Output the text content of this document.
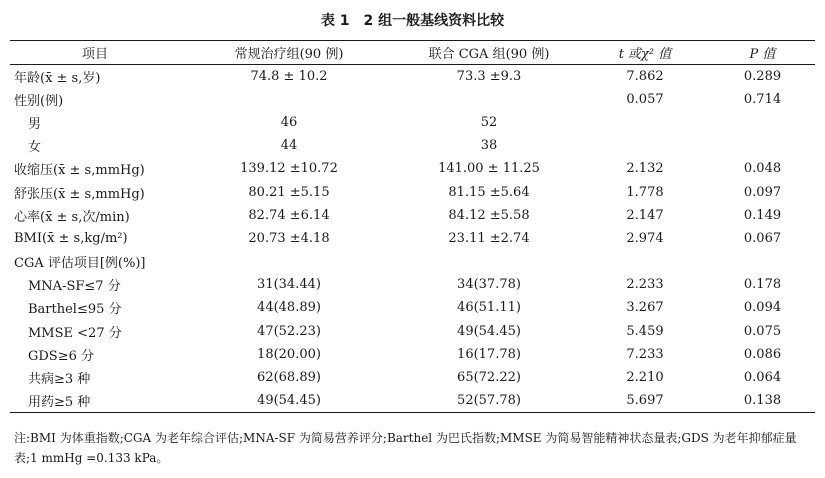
表 1　2 组一般基线资料比较
项目	常规治疗组(90 例)	联合 CGA 组(90 例)	t 或χ² 值	P 值
年龄(x̄ ± s,岁)	74.8 ± 10.2	73.3 ±9.3	7.862	0.289
性别(例)			0.057	0.714
男	46	52		
女	44	38		
收缩压(x̄ ± s,mmHg)	139.12 ±10.72	141.00 ± 11.25	2.132	0.048
舒张压(x̄ ± s,mmHg)	80.21 ±5.15	81.15 ±5.64	1.778	0.097
心率(x̄ ± s,次/min)	82.74 ±6.14	84.12 ±5.58	2.147	0.149
BMI(x̄ ± s,kg/m²)	20.73 ±4.18	23.11 ±2.74	2.974	0.067
CGA 评估项目[例(%)]				
MNA-SF≤7 分	31(34.44)	34(37.78)	2.233	0.178
Barthel≤95 分	44(48.89)	46(51.11)	3.267	0.094
MMSE <27 分	47(52.23)	49(54.45)	5.459	0.075
GDS≥6 分	18(20.00)	16(17.78)	7.233	0.086
共病≥3 种	62(68.89)	65(72.22)	2.210	0.064
用药≥5 种	49(54.45)	52(57.78)	5.697	0.138
注:BMI 为体重指数;CGA 为老年综合评估;MNA-SF 为简易营养评分;Barthel 为巴氏指数;MMSE 为简易智能精神状态量表;GDS 为老年抑郁症量表;1 mmHg =0.133 kPa。
